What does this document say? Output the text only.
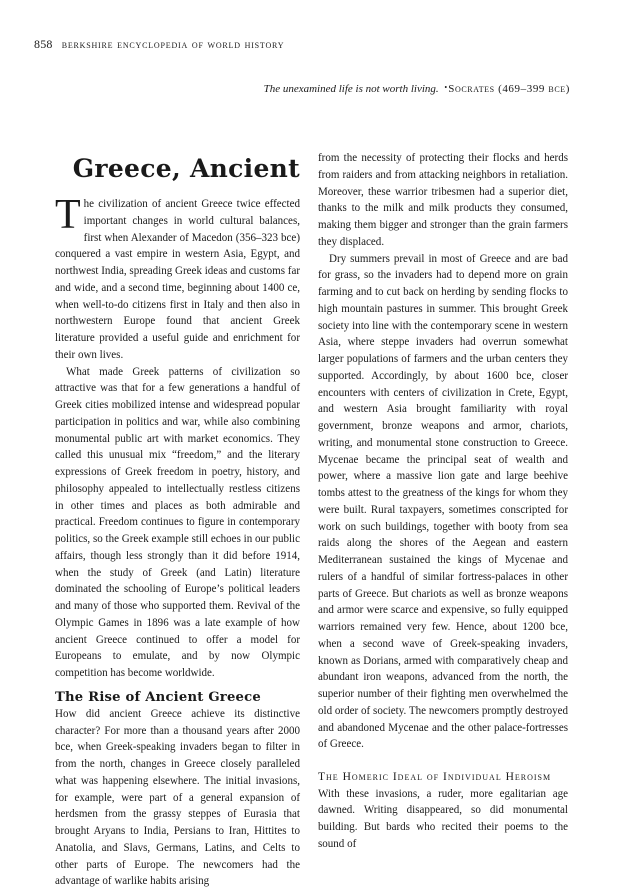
858 berkshire encyclopedia of world history
The unexamined life is not worth living. •Socrates (469–399 bce)
Greece, Ancient

The civilization of ancient Greece twice effected important changes in world cultural balances, first when Alexander of Macedon (356–323 bce) conquered a vast empire in western Asia, Egypt, and northwest India, spreading Greek ideas and customs far and wide, and a second time, beginning about 1400 ce, when well-to-do citizens first in Italy and then also in northwestern Europe found that ancient Greek literature provided a useful guide and enrichment for their own lives.

What made Greek patterns of civilization so attractive was that for a few generations a handful of Greek cities mobilized intense and widespread popular participation in politics and war, while also combining monumental public art with market economics. They called this unusual mix “freedom,” and the literary expressions of Greek freedom in poetry, history, and philosophy appealed to intellectually restless citizens in other times and places as both admirable and practical. Freedom continues to figure in contemporary politics, so the Greek example still echoes in our public affairs, though less strongly than it did before 1914, when the study of Greek (and Latin) literature dominated the schooling of Europe’s political leaders and many of those who supported them. Revival of the Olympic Games in 1896 was a late example of how ancient Greece continued to offer a model for Europeans to emulate, and by now Olympic competition has become worldwide.

The Rise of Ancient Greece

How did ancient Greece achieve its distinctive character? For more than a thousand years after 2000 bce, when Greek-speaking invaders began to filter in from the north, changes in Greece closely paralleled what was happening elsewhere. The initial invasions, for example, were part of a general expansion of herdsmen from the grassy steppes of Eurasia that brought Aryans to India, Persians to Iran, Hittites to Anatolia, and Slavs, Germans, Latins, and Celts to other parts of Europe. The newcomers had the advantage of warlike habits arising

from the necessity of protecting their flocks and herds from raiders and from attacking neighbors in retaliation. Moreover, these warrior tribesmen had a superior diet, thanks to the milk and milk products they consumed, making them bigger and stronger than the grain farmers they displaced.

Dry summers prevail in most of Greece and are bad for grass, so the invaders had to depend more on grain farming and to cut back on herding by sending flocks to high mountain pastures in summer. This brought Greek society into line with the contemporary scene in western Asia, where steppe invaders had overrun somewhat larger populations of farmers and the urban centers they supported. Accordingly, by about 1600 bce, closer encounters with centers of civilization in Crete, Egypt, and western Asia brought familiarity with royal government, bronze weapons and armor, chariots, writing, and monumental stone construction to Greece. Mycenae became the principal seat of wealth and power, where a massive lion gate and large beehive tombs attest to the greatness of the kings for whom they were built. Rural taxpayers, sometimes conscripted for work on such buildings, together with booty from sea raids along the shores of the Aegean and eastern Mediterranean sustained the kings of Mycenae and rulers of a handful of similar fortress-palaces in other parts of Greece. But chariots as well as bronze weapons and armor were scarce and expensive, so fully equipped warriors remained very few. Hence, about 1200 bce, when a second wave of Greek-speaking invaders, known as Dorians, armed with comparatively cheap and abundant iron weapons, advanced from the north, the superior number of their fighting men overwhelmed the old order of society. The newcomers promptly destroyed and abandoned Mycenae and the other palace-fortresses of Greece.

The Homeric Ideal of Individual Heroism

With these invasions, a ruder, more egalitarian age dawned. Writing disappeared, so did monumental building. But bards who recited their poems to the sound of
